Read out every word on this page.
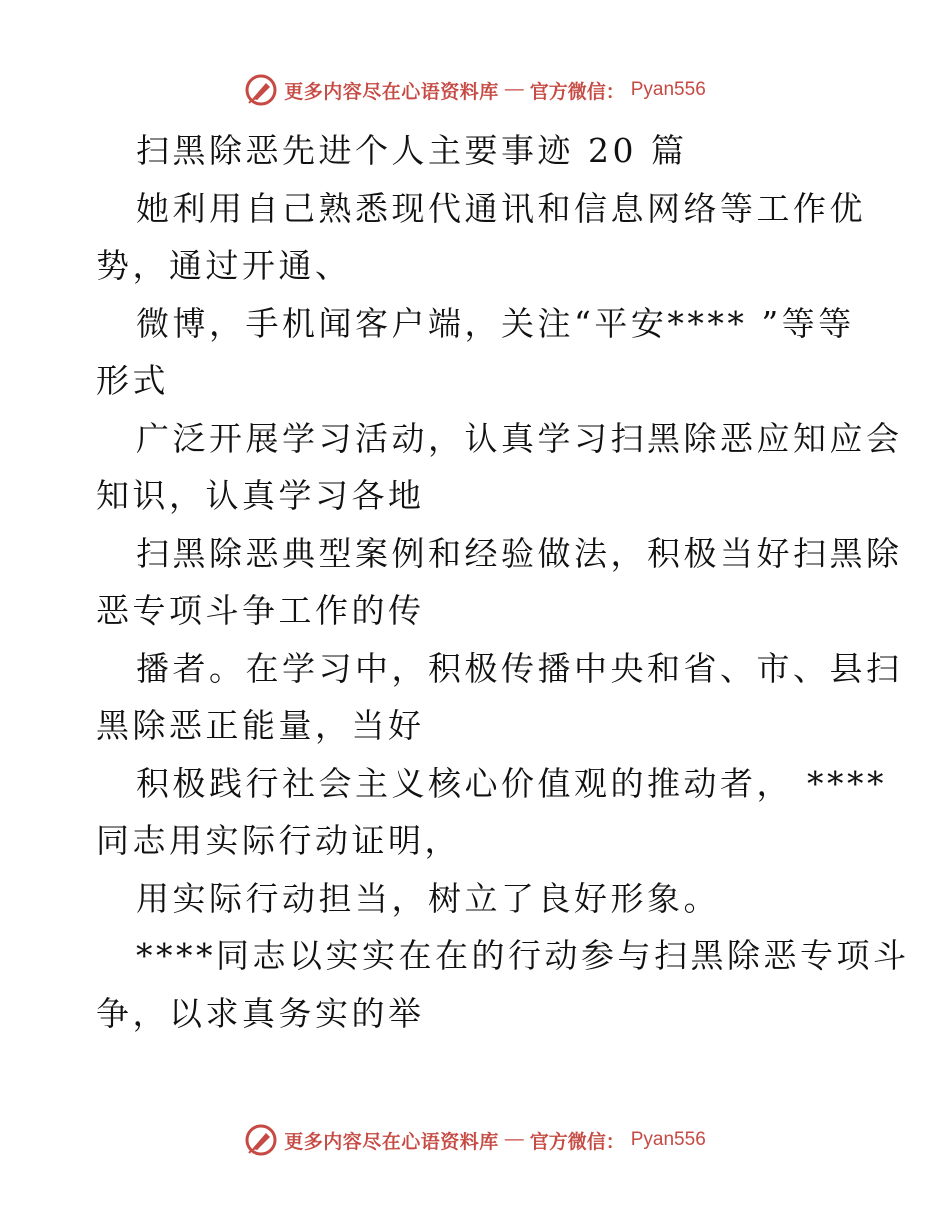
更多内容尽在心语资料库 — 官方微信： Pyan556
扫黑除恶先进个人主要事迹 20 篇
她利用自己熟悉现代通讯和信息网络等工作优
势，通过开通、
微博，手机闻客户端，关注“平安**** ”等等
形式
广泛开展学习活动，认真学习扫黑除恶应知应会
知识，认真学习各地
扫黑除恶典型案例和经验做法，积极当好扫黑除
恶专项斗争工作的传
播者。在学习中，积极传播中央和省、市、县扫
黑除恶正能量，当好
积极践行社会主义核心价值观的推动者， ****
同志用实际行动证明，
用实际行动担当，树立了良好形象。
****同志以实实在在的行动参与扫黑除恶专项斗
争，以求真务实的举
更多内容尽在心语资料库 — 官方微信： Pyan556
